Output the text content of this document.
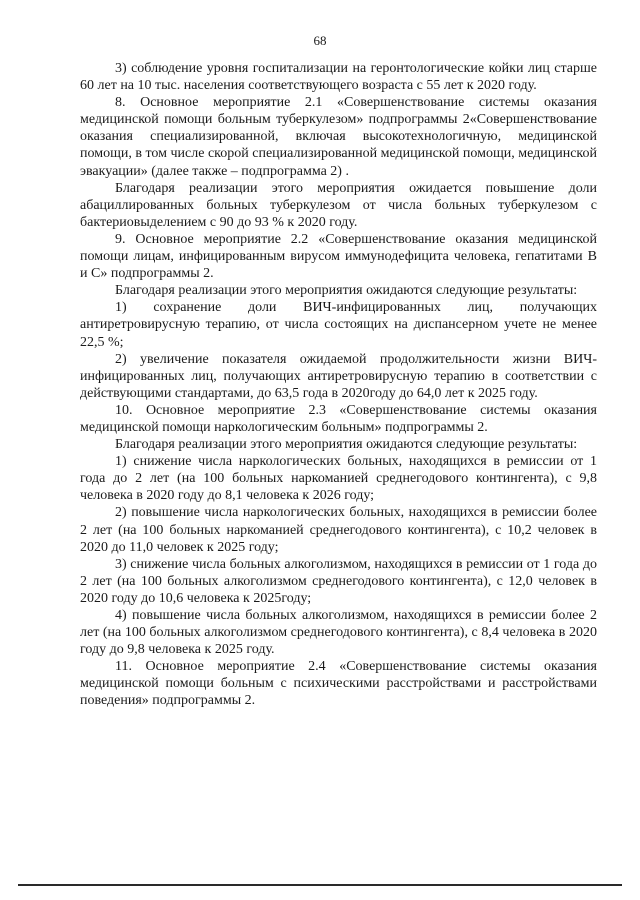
68

3) соблюдение уровня госпитализации на геронтологические койки лиц старше 60 лет на 10 тыс. населения соответствующего возраста с 55 лет к 2020 году.

8. Основное мероприятие 2.1 «Совершенствование системы оказания медицинской помощи больным туберкулезом» подпрограммы 2«Совершенствование оказания специализированной, включая высокотехнологичную, медицинской помощи, в том числе скорой специализированной медицинской помощи, медицинской эвакуации» (далее также – подпрограмма 2) .

Благодаря реализации этого мероприятия ожидается повышение доли абациллированных больных туберкулезом от числа больных туберкулезом с бактериовыделением с 90 до 93 % к 2020 году.

9. Основное мероприятие 2.2 «Совершенствование оказания медицинской помощи лицам, инфицированным вирусом иммунодефицита человека, гепатитами B и C» подпрограммы 2.

Благодаря реализации этого мероприятия ожидаются следующие результаты:

1) сохранение доли ВИЧ-инфицированных лиц, получающих антиретровирусную терапию, от числа состоящих на диспансерном учете не менее 22,5 %;

2) увеличение показателя ожидаемой продолжительности жизни ВИЧ-инфицированных лиц, получающих антиретровирусную терапию в соответствии с действующими стандартами, до 63,5 года в 2020году до 64,0 лет к 2025 году.

10. Основное мероприятие 2.3 «Совершенствование системы оказания медицинской помощи наркологическим больным» подпрограммы 2.

Благодаря реализации этого мероприятия ожидаются следующие результаты:

1) снижение числа наркологических больных, находящихся в ремиссии от 1 года до 2 лет (на 100 больных наркоманией среднегодового контингента), с 9,8 человека в 2020 году до 8,1 человека к 2026 году;

2) повышение числа наркологических больных, находящихся в ремиссии более 2 лет (на 100 больных наркоманией среднегодового контингента), с 10,2 человек в 2020 до 11,0 человек к 2025 году;

3) снижение числа больных алкоголизмом, находящихся в ремиссии от 1 года до 2 лет (на 100 больных алкоголизмом среднегодового контингента), с 12,0 человек в 2020 году до 10,6 человека к 2025году;

4) повышение числа больных алкоголизмом, находящихся в ремиссии более 2 лет (на 100 больных алкоголизмом среднегодового контингента), с 8,4 человека в 2020 году до 9,8 человека к 2025 году.

11. Основное мероприятие 2.4 «Совершенствование системы оказания медицинской помощи больным с психическими расстройствами и расстройствами поведения» подпрограммы 2.
